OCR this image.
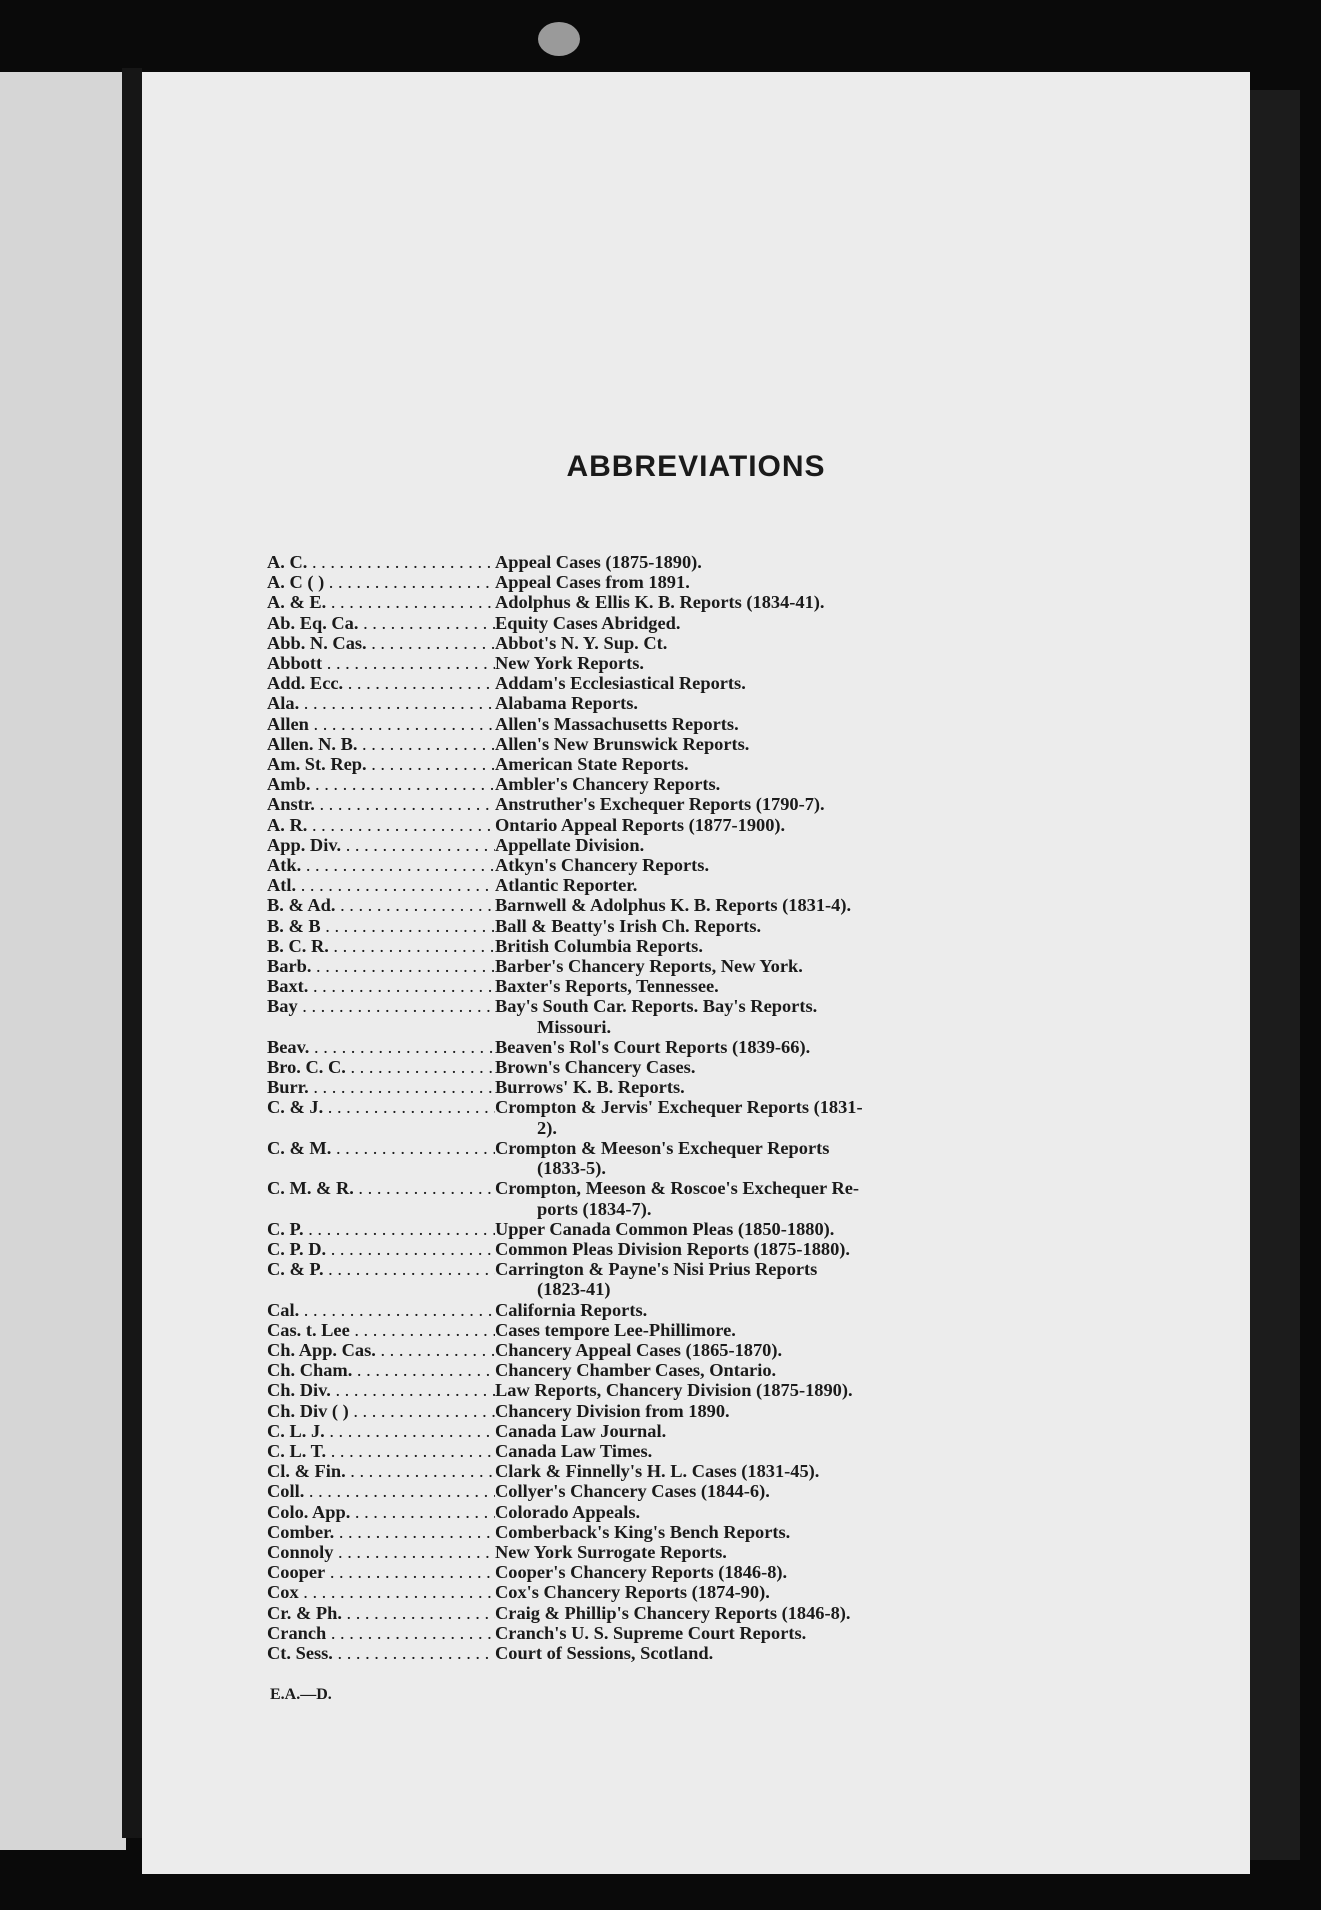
ABBREVIATIONS
A. C. . . .	Appeal Cases (1875-1890).
A. C ( ) . . .	Appeal Cases from 1891.
A. & E. . . .	Adolphus & Ellis K. B. Reports (1834-41).
Ab. Eq. Ca. . . .	Equity Cases Abridged.
Abb. N. Cas. . . .	Abbot's N. Y. Sup. Ct.
Abbott . . .	New York Reports.
Add. Ecc. . . .	Addam's Ecclesiastical Reports.
Ala. . . .	Alabama Reports.
Allen . . .	Allen's Massachusetts Reports.
Allen. N. B. . . .	Allen's New Brunswick Reports.
Am. St. Rep. . . .	American State Reports.
Amb. . . .	Ambler's Chancery Reports.
Anstr. . . .	Anstruther's Exchequer Reports (1790-7).
A. R. . . .	Ontario Appeal Reports (1877-1900).
App. Div. . . .	Appellate Division.
Atk. . . .	Atkyn's Chancery Reports.
Atl. . . .	Atlantic Reporter.
B. & Ad. . . .	Barnwell & Adolphus K. B. Reports (1831-4).
B. & B . . .	Ball & Beatty's Irish Ch. Reports.
B. C. R. . . .	British Columbia Reports.
Barb. . . .	Barber's Chancery Reports, New York.
Baxt. . . .	Baxter's Reports, Tennessee.
Bay . . .	Bay's South Car. Reports. Bay's Reports.
Missouri.
Beav. . . .	Beaven's Rol's Court Reports (1839-66).
Bro. C. C. . . .	Brown's Chancery Cases.
Burr. . . .	Burrows' K. B. Reports.
C. & J. . . .	Crompton & Jervis' Exchequer Reports (1831-
2).
C. & M. . . .	Crompton & Meeson's Exchequer Reports
(1833-5).
C. M. & R. . . .	Crompton, Meeson & Roscoe's Exchequer Re-
ports (1834-7).
C. P. . . .	Upper Canada Common Pleas (1850-1880).
C. P. D. . . .	Common Pleas Division Reports (1875-1880).
C. & P. . . .	Carrington & Payne's Nisi Prius Reports
(1823-41)
Cal. . . .	California Reports.
Cas. t. Lee . . .	Cases tempore Lee-Phillimore.
Ch. App. Cas. . . .	Chancery Appeal Cases (1865-1870).
Ch. Cham. . . .	Chancery Chamber Cases, Ontario.
Ch. Div. . . .	Law Reports, Chancery Division (1875-1890).
Ch. Div ( ) . . .	Chancery Division from 1890.
C. L. J. . . .	Canada Law Journal.
C. L. T. . . .	Canada Law Times.
Cl. & Fin. . . .	Clark & Finnelly's H. L. Cases (1831-45).
Coll. . . .	Collyer's Chancery Cases (1844-6).
Colo. App. . . .	Colorado Appeals.
Comber. . . .	Comberback's King's Bench Reports.
Connoly . . .	New York Surrogate Reports.
Cooper . . .	Cooper's Chancery Reports (1846-8).
Cox . . .	Cox's Chancery Reports (1874-90).
Cr. & Ph. . . .	Craig & Phillip's Chancery Reports (1846-8).
Cranch . . .	Cranch's U. S. Supreme Court Reports.
Ct. Sess. . . .	Court of Sessions, Scotland.
E.A.—D.
